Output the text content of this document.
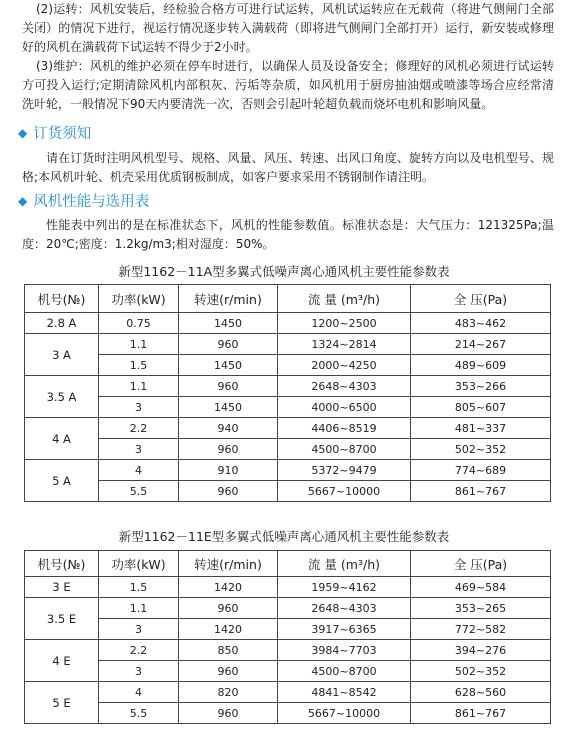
(2)运转：风机安装后，经检验合格方可进行试运转，风机试运转应在无载荷（将进气侧闸门全部关闭）的情况下进行，视运行情况逐步转入满载荷（即将进气侧闸门全部打开）运行，新安装或修理好的风机在满载荷下试运转不得少于2小时。
(3)维护：风机的维护必须在停车时进行，以确保人员及设备安全；修理好的风机必须进行试运转方可投入运行;定期清除风机内部积灰、污垢等杂质，如风机用于厨房抽油烟或喷漆等场合应经常清洗叶轮，一般情况下90天内要清洗一次，否则会引起叶轮超负载而烧坏电机和影响风量。
◆ 订货须知
请在订货时注明风机型号、规格、风量、风压、转速、出风口角度、旋转方向以及电机型号、规格;本风机叶轮、机壳采用优质钢板制成，如客户要求采用不锈钢制作请注明。
◆ 风机性能与选用表
性能表中列出的是在标准状态下，风机的性能参数值。标准状态是：大气压力：121325Pa;温度：20℃;密度：1.2kg/m3;相对湿度：50%。
新型1162－11A型多翼式低噪声离心通风机主要性能参数表
机号(№)	功率(kW)	转速(r/min)	流 量 (m³/h)	全 压(Pa)
2.8 A	0.75	1450	1200~2500	483~462
3 A	1.1	960	1324~2814	214~267
	1.5	1450	2000~4250	489~609
3.5 A	1.1	960	2648~4303	353~266
	3	1450	4000~6500	805~607
4 A	2.2	940	4406~8519	481~337
	3	960	4500~8700	502~352
5 A	4	910	5372~9479	774~689
	5.5	960	5667~10000	861~767
新型1162－11E型多翼式低噪声离心通风机主要性能参数表
机号(№)	功率(kW)	转速(r/min)	流 量 (m³/h)	全 压(Pa)
3 E	1.5	1420	1959~4162	469~584
3.5 E	1.1	960	2648~4303	353~265
	3	1420	3917~6365	772~582
4 E	2.2	850	3984~7703	394~276
	3	960	4500~8700	502~352
5 E	4	820	4841~8542	628~560
	5.5	960	5667~10000	861~767
